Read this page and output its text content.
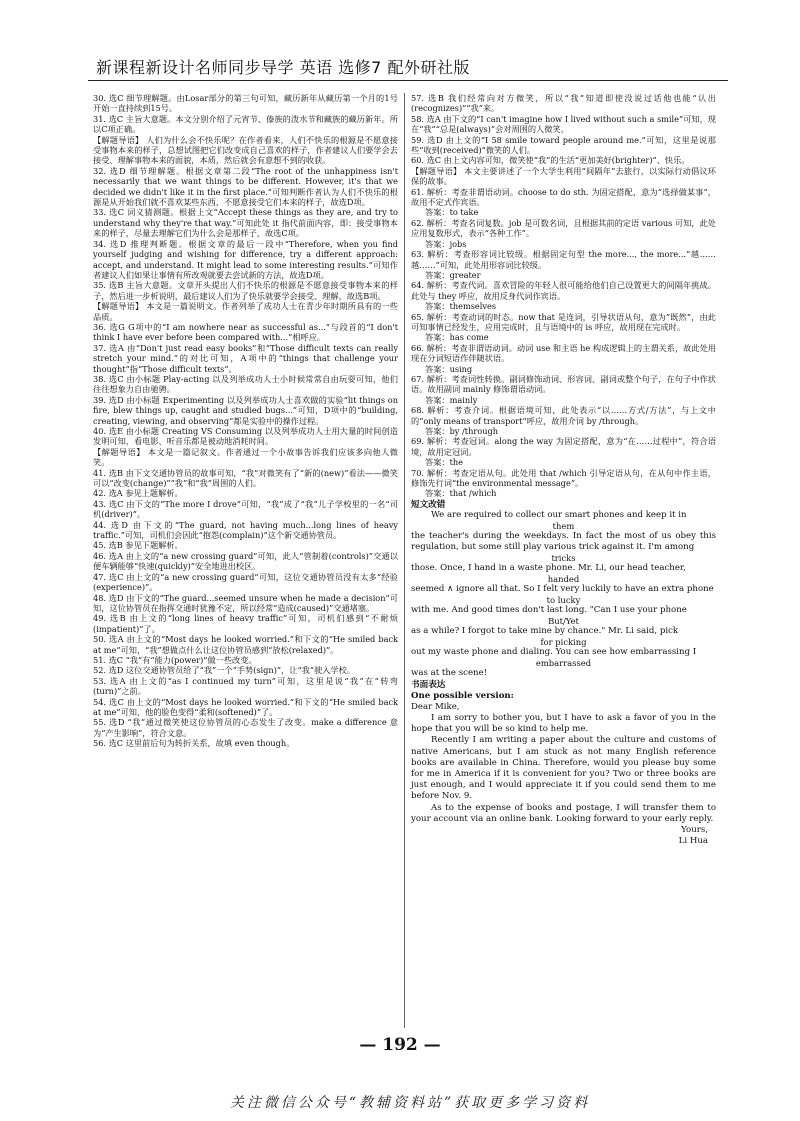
新课程新设计名师同步导学 英语 选修7 配外研社版
30. 选C 细节理解题。由Losar部分的第三句可知，藏历新年从藏历第一个月的1号开始一直持续到15号。
31. 选C 主旨大意题。本文分别介绍了元宵节、傣族的泼水节和藏族的藏历新年。所以C项正确。
【解题导语】 人们为什么会不快乐呢？在作者看来，人们不快乐的根源是不愿意接受事物本来的样子，总想试图把它们改变成自己喜欢的样子，作者建议人们要学会去接受、理解事物本来的面貌，本质，然后就会有意想不到的收获。
32. 选D 细节理解题。根据文章第二段“The root of the unhappiness isn't necessarily that we want things to be different. However, it's that we decided we didn't like it in the first place.”可知判断作者认为人们不快乐的根源是从开始我们就不喜欢某些东西，不愿意接受它们本来的样子，故选D项。
33. 选C 词义猜测题。根据上文“Accept these things as they are, and try to understand why they're that way.”可知此处 it 指代前面内容，即：接受事物本来的样子，尽量去理解它们为什么会是那样子，故选C项。
34. 选D 推理判断题。根据文章的最后一段中“Therefore, when you find yourself judging and wishing for difference, try a different approach: accept, and understand. It might lead to some interesting results.”可知作者建议人们如果让事情有所改观就要去尝试新的方法，故选D项。
35. 选B 主旨大意题。文章开头提出人们不快乐的根源是不愿意接受事物本来的样子，然后进一步析说明，最后建议人们为了快乐就要学会接受、理解，故选B项。
【解题导语】 本文是一篇说明文。作者列举了成功人士在青少年时期所具有的一些品质。
36. 选G G项中的“I am nowhere near as successful as...”与段首的“I don't think I have ever before been compared with...”相呼应。
37. 选A 由“Don't just read easy books”和“Those difficult texts can really stretch your mind.”的对比可知，A项中的“things that challenge your thought”指“Those difficult texts”。
38. 选C 由小标题 Play-acting 以及列举成功人士小时候常常自由玩耍可知，他们往往想象力自由驰骋。
39. 选D 由小标题 Experimenting 以及列举成功人士喜欢做的实验“lit things on fire, blew things up, caught and studied bugs...”可知，D项中的“building, creating, viewing, and observing”都是实验中的操作过程。
40. 选E 由小标题 Creating VS Consuming 以及列举成功人士用大量的时间创造发明可知，看电影、听音乐都是被动地消耗时间。
【解题导语】 本文是一篇记叙文。作者通过一个小故事告诉我们应该多向他人微笑。
41. 选B 由下文交通协管员的故事可知，“我”对微笑有了“新的(new)”看法——微笑可以“改变(change)”“我”和“我”周围的人们。
42. 选A 参见上题解析。
43. 选C 由下文的“The more I drove”可知，“我”成了“我”儿子学校里的一名“司机(driver)”。
44. 选D 由下文的“The guard, not having much...long lines of heavy traffic.”可知，司机们会因此“抱怨(complain)”这个新交通协管员。
45. 选B 参见下题解析。
46. 选A 由上文的“a new crossing guard”可知，此人“管制着(controls)”交通以便车辆能够“快速(quickly)”安全地进出校区。
47. 选C 由上文的“a new crossing guard”可知，这位交通协管员没有太多“经验(experience)”。
48. 选D 由下文的“The guard...seemed unsure when he made a decision”可知，这位协管员在指挥交通时犹豫不定，所以经常“造成(caused)”交通堵塞。
49. 选B 由上文的“long lines of heavy traffic”可知，司机们感到“不耐烦(impatient)”了。
50. 选A 由上文的“Most days he looked worried.”和下文的“He smiled back at me”可知，“我”想做点什么让这位协管员感到“放松(relaxed)”。
51. 选C “我”有“能力(power)”做一些改变。
52. 选D 这位交通协管员给了“我”一个“手势(sign)”，让“我”驶入学校。
53. 选A 由上文的“as I continued my turn”可知，这里是说“我”在“转弯(turn)”之前。
54. 选C 由上文的“Most days he looked worried.”和下文的“He smiled back at me”可知，他的脸色变得“柔和(softened)”了。
55. 选D “我”通过微笑使这位协管员的心态发生了改变。make a difference 意为“产生影响”，符合文意。
56. 选C 这里前后句为转折关系，故填 even though。
57. 选B 我们经常向对方微笑，所以“我”知道即使没说过话他也能“认出(recognizes)”“我”来。
58. 选A 由下文的“I can't imagine how I lived without such a smile”可知，现在“我”“总是(always)”会对周围的人微笑。
59. 选D 由上文的“I 58 smile toward people around me.”可知，这里是说那些“收到(received)”微笑的人们。
60. 选C 由上文内容可知，微笑使“我”的生活“更加美好(brighter)”、快乐。
【解题导语】 本文主要讲述了一个大学生利用“间隔年”去旅行，以实际行动倡议环保的故事。
61. 解析：考查非谓语动词。choose to do sth. 为固定搭配，意为“选择做某事”，故用不定式作宾语。
答案：to take
62. 解析：考查名词复数。job 是可数名词，且根据其前的定语 various 可知，此处应用复数形式，表示“各种工作”。
答案：jobs
63. 解析：考查形容词比较级。根据固定句型 the more..., the more...“越……越……”可知，此处用形容词比较级。
答案：greater
64. 解析：考查代词。喜欢冒险的年轻人很可能给他们自己设置更大的间隔年挑战。此处与 they 呼应，故用反身代词作宾语。
答案：themselves
65. 解析：考查动词的时态。now that 是连词，引导状语从句，意为“既然”，由此可知事情已经发生，应用完成时，且与语境中的 is 呼应，故用现在完成时。
答案：has come
66. 解析：考查非谓语动词。动词 use 和主语 he 构成逻辑上的主谓关系，故此处用现在分词短语作伴随状语。
答案：using
67. 解析：考查词性转换。副词修饰动词、形容词、副词或整个句子，在句子中作状语。故用副词 mainly 修饰谓语动词。
答案：mainly
68. 解析：考查介词。根据语境可知，此处表示“以……方式/方法”，与上文中的“only means of transport”呼应，故用介词 by /through。
答案：by /through
69. 解析：考查冠词。along the way 为固定搭配，意为“在……过程中”，符合语境，故用定冠词。
答案：the
70. 解析：考查定语从句。此处用 that /which 引导定语从句，在从句中作主语，修饰先行词“the environmental message”。
答案：that /which
短文改错
We are required to collect our smart phones and keep it in
them
the teacher's during the weekdays. In fact the most of us obey this regulation, but some still play various trick against it. I'm among
tricks
those. Once, I hand in a waste phone. Mr. Li, our head teacher,
handed
seemed ∧ ignore all that. So I felt very luckily to have an extra phone
to lucky
with me. And good times don't last long. "Can I use your phone
But/Yet
as a while? I forgot to take mine by chance." Mr. Li said, pick
for picking
out my waste phone and dialing. You can see how embarrassing I
embarrassed
was at the scene!
书面表达
One possible version:
Dear Mike,
I am sorry to bother you, but I have to ask a favor of you in the hope that you will be so kind to help me.
Recently I am writing a paper about the culture and customs of native Americans, but I am stuck as not many English reference books are available in China. Therefore, would you please buy some for me in America if it is convenient for you? Two or three books are just enough, and I would appreciate it if you could send them to me before Nov. 9.
As to the expense of books and postage, I will transfer them to your account via an online bank. Looking forward to your early reply.
Yours,
Li Hua
— 192 —
关注微信公众号“教辅资料站”获取更多学习资料
